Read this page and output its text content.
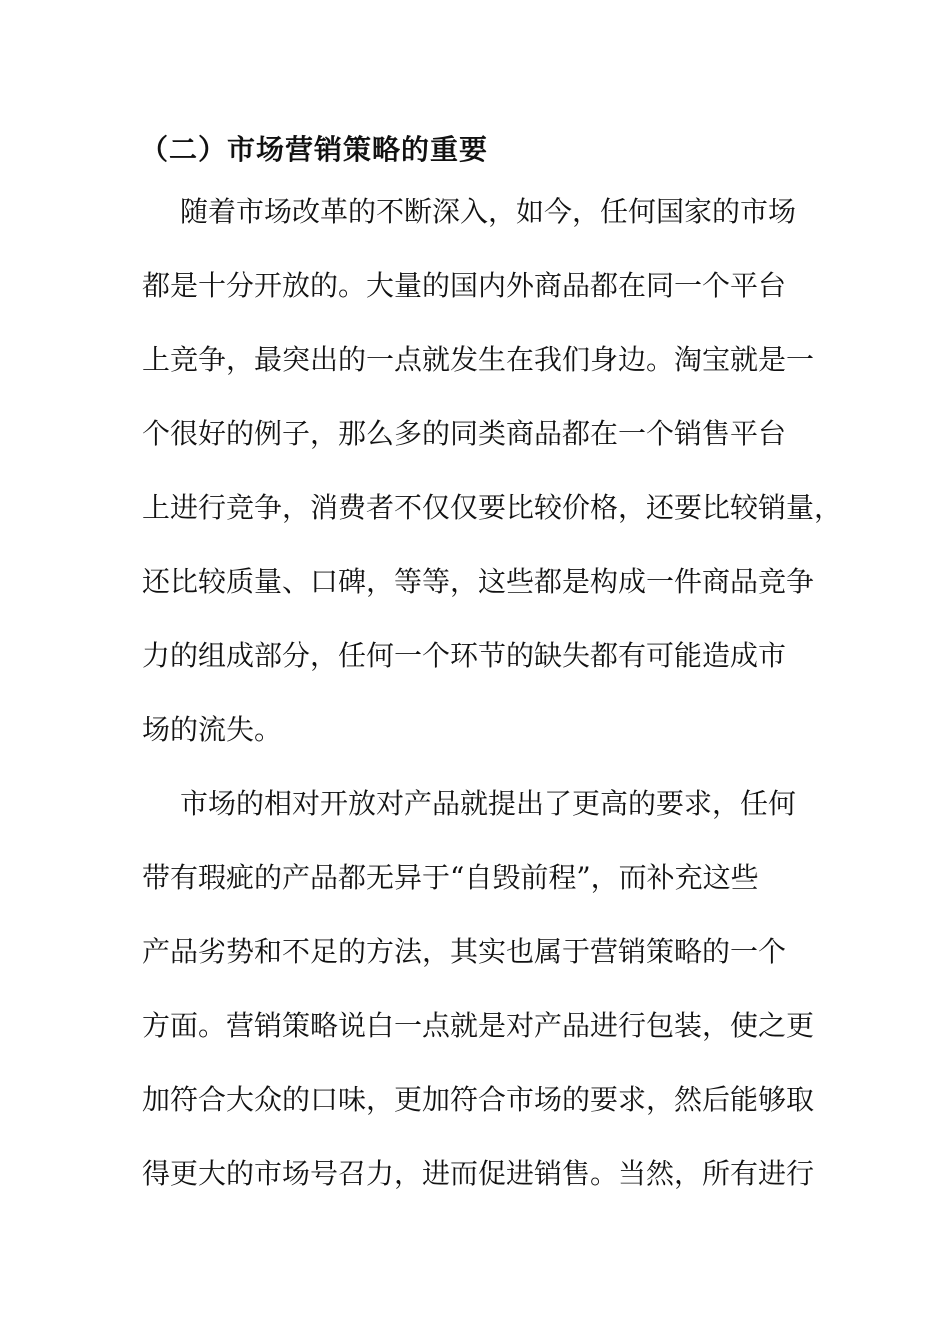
（二）市场营销策略的重要
随着市场改革的不断深入，如今，任何国家的市场
都是十分开放的。大量的国内外商品都在同一个平台
上竞争，最突出的一点就发生在我们身边。淘宝就是一
个很好的例子，那么多的同类商品都在一个销售平台
上进行竞争，消费者不仅仅要比较价格，还要比较销量，
还比较质量、口碑，等等，这些都是构成一件商品竞争
力的组成部分，任何一个环节的缺失都有可能造成市
场的流失。
市场的相对开放对产品就提出了更高的要求，任何
带有瑕疵的产品都无异于“自毁前程”，而补充这些
产品劣势和不足的方法，其实也属于营销策略的一个
方面。营销策略说白一点就是对产品进行包装，使之更
加符合大众的口味，更加符合市场的要求，然后能够取
得更大的市场号召力，进而促进销售。当然，所有进行
